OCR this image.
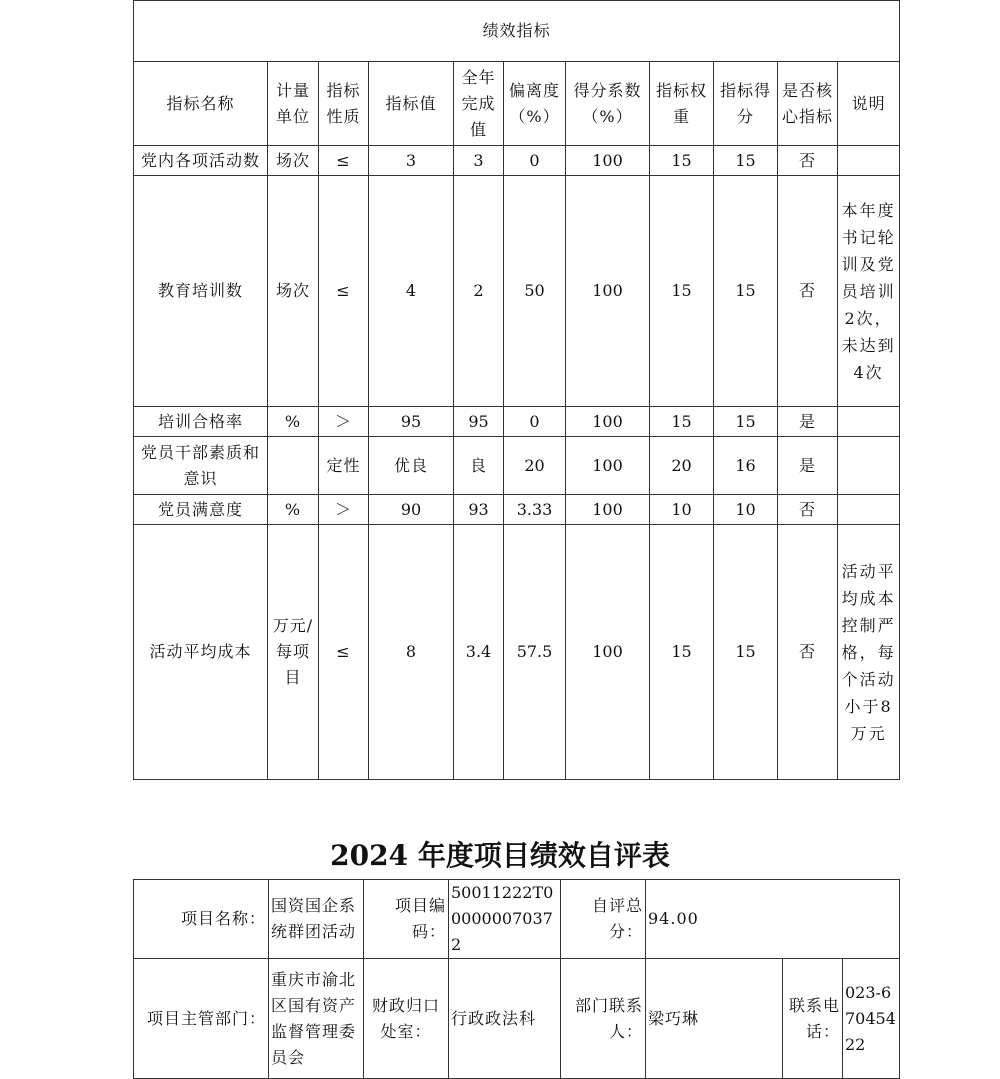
绩效指标										
指标名称	计量单位	指标性质	指标值	全年完成值	偏离度（%）	得分系数（%）	指标权重	指标得分	是否核心指标	说明
党内各项活动数	场次	≤	3	3	0	100	15	15	否	
教育培训数	场次	≤	4	2	50	100	15	15	否	本年度书记轮训及党员培训2次，未达到4次
培训合格率	%	＞	95	95	0	100	15	15	是	
党员干部素质和意识		定性	优良	良	20	100	20	16	是	
党员满意度	%	＞	90	93	3.33	100	10	10	否	
活动平均成本	万元/每项目	≤	8	3.4	57.5	100	15	15	否	活动平均成本控制严格，每个活动小于8万元
2024 年度项目绩效自评表
项目名称：	国资国企系统群团活动	项目编码：	50011222T000000070372	自评总分：	94.00		
项目主管部门：	重庆市渝北区国有资产监督管理委员会	财政归口处室：	行政政法科	部门联系人：	梁巧琳	联系电话：	023-67045422
